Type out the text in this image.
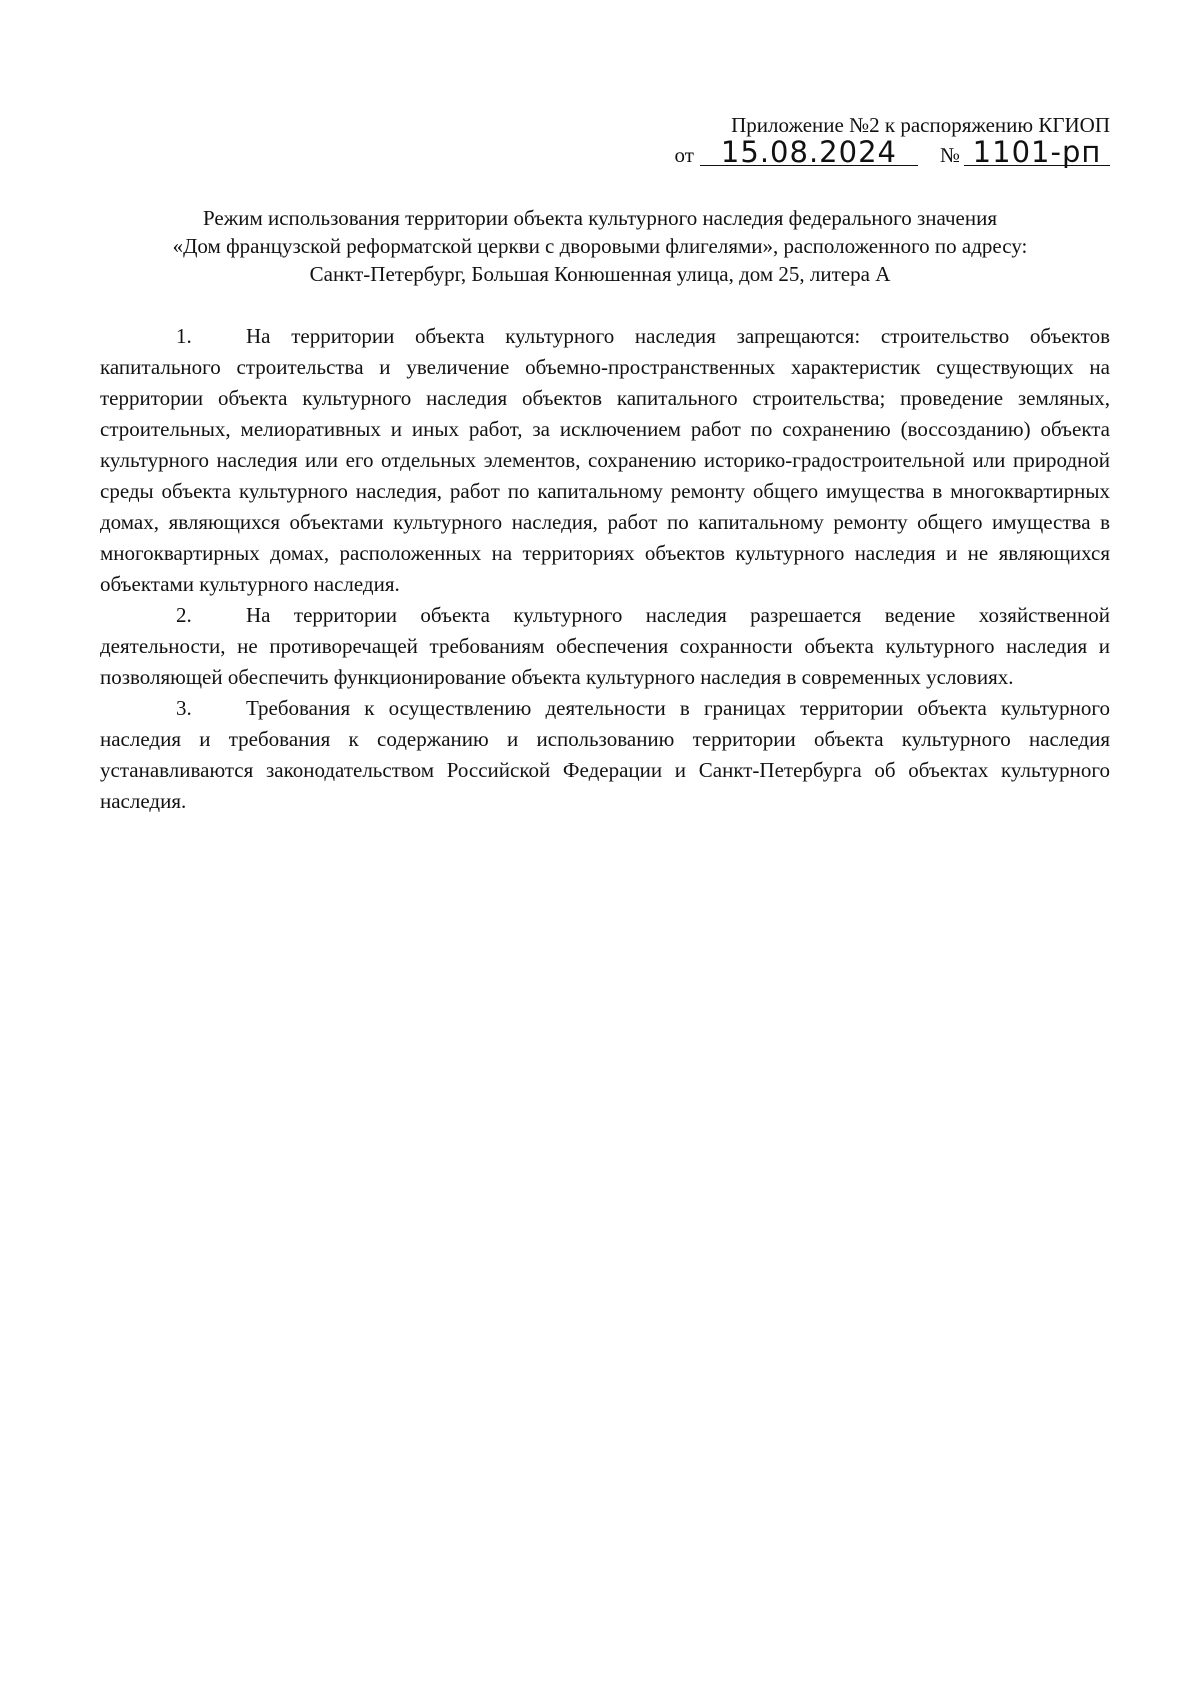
Приложение №2 к распоряжению КГИОП
от 15.08.2024	№ 1101-рп
Режим использования территории объекта культурного наследия федерального значения
«Дом французской реформатской церкви с дворовыми флигелями», расположенного по адресу:
Санкт-Петербург, Большая Конюшенная улица, дом 25, литера А

1.	На территории объекта культурного наследия запрещаются: строительство объектов капитального строительства и увеличение объемно-пространственных характеристик существующих на территории объекта культурного наследия объектов капитального строительства; проведение земляных, строительных, мелиоративных и иных работ, за исключением работ по сохранению (воссозданию) объекта культурного наследия или его отдельных элементов, сохранению историко-градостроительной или природной среды объекта культурного наследия, работ по капитальному ремонту общего имущества в многоквартирных домах, являющихся объектами культурного наследия, работ по капитальному ремонту общего имущества в многоквартирных домах, расположенных на территориях объектов культурного наследия и не являющихся объектами культурного наследия.

2.	На территории объекта культурного наследия разрешается ведение хозяйственной деятельности, не противоречащей требованиям обеспечения сохранности объекта культурного наследия и позволяющей обеспечить функционирование объекта культурного наследия в современных условиях.

3.	Требования к осуществлению деятельности в границах территории объекта культурного наследия и требования к содержанию и использованию территории объекта культурного наследия устанавливаются законодательством Российской Федерации и Санкт-Петербурга об объектах культурного наследия.
